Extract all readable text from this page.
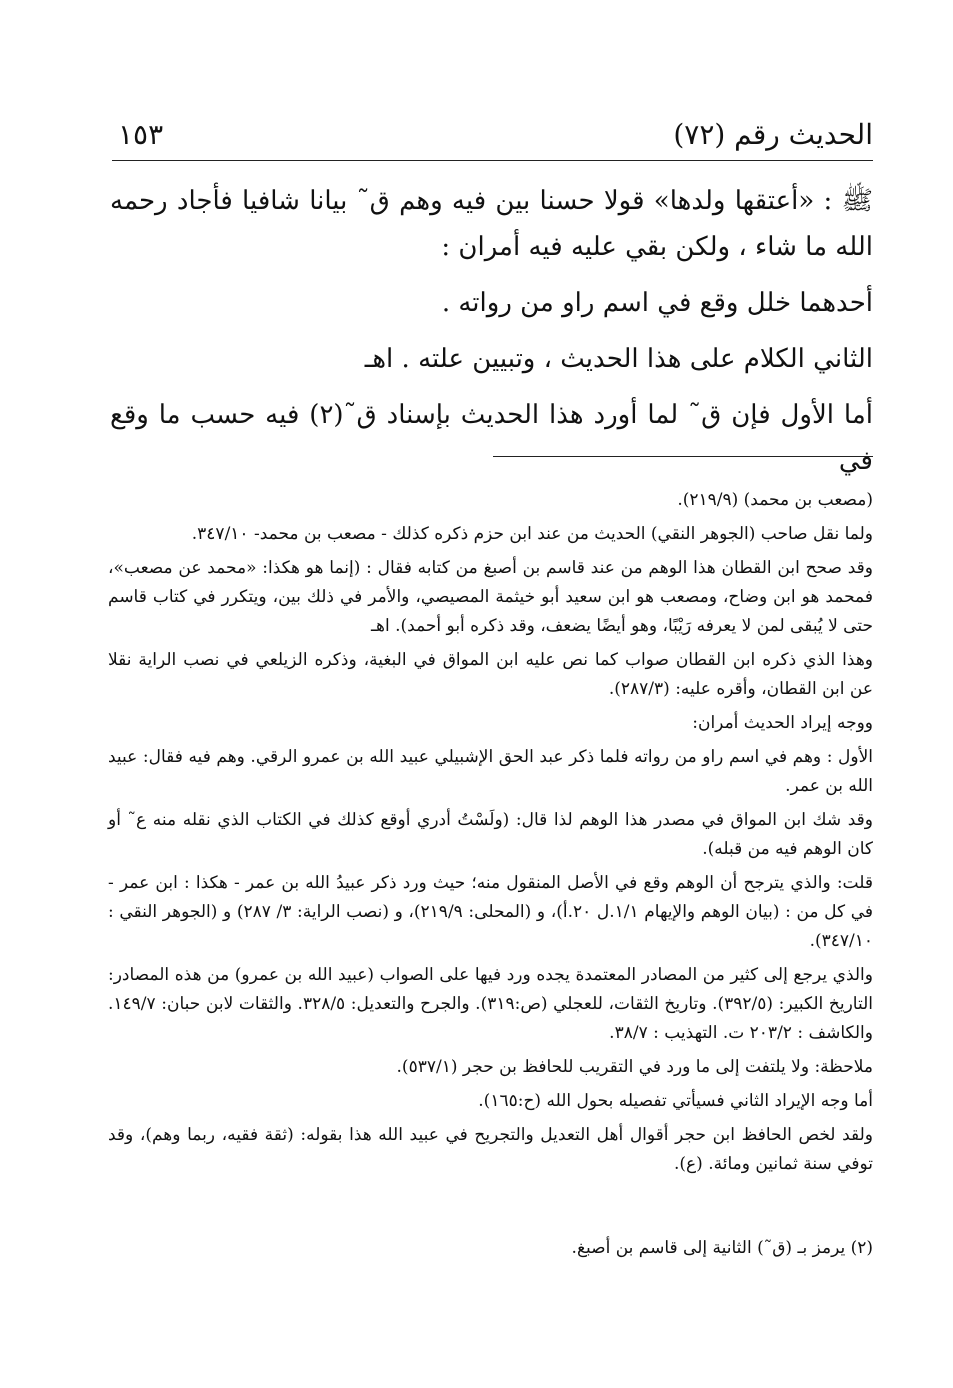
الحديث رقم (٧٢)
١٥٣

ﷺ : «أعتقها ولدها» قولا حسنا بين فيه وهم ق˜ بيانا شافيا فأجاد رحمه الله ما شاء ، ولكن بقي عليه فيه أمران :

أحدهما خلل وقع في اسم راو من رواته .

الثاني الكلام على هذا الحديث ، وتبيين علته . اهـ

أما الأول فإن ق˜ لما أورد هذا الحديث بإسناد ق˜(٢) فيه حسب ما وقع في

(مصعب بن محمد) (٢١٩/٩).

ولما نقل صاحب (الجوهر النقي) الحديث من عند ابن حزم ذكره كذلك - مصعب بن محمد- ٣٤٧/١٠.

وقد صحح ابن القطان هذا الوهم من عند قاسم بن أصبغ من كتابه فقال : (إنما هو هكذا: «محمد عن مصعب»، فمحمد هو ابن وضاح، ومصعب هو ابن سعيد أبو خيثمة المصيصي، والأمر في ذلك بين، ويتكرر في كتاب قاسم حتى لا يُبقى لمن لا يعرفه رَيْبًا، وهو أيضًا يضعف، وقد ذكره أبو أحمد). اهـ

وهذا الذي ذكره ابن القطان صواب كما نص عليه ابن المواق في البغية، وذكره الزيلعي في نصب الراية نقلا عن ابن القطان، وأقره عليه: (٢٨٧/٣).

ووجه إيراد الحديث أمران:

الأول : وهم في اسم راو من رواته فلما ذكر عبد الحق الإشبيلي عبيد الله بن عمرو الرقي. وهم فيه فقال: عبيد الله بن عمر.

وقد شك ابن المواق في مصدر هذا الوهم لذا قال: (ولَسْتُ أدري أوقع كذلك في الكتاب الذي نقله منه ع˜ أو كان الوهم فيه من قبله).

قلت: والذي يترجح أن الوهم وقع في الأصل المنقول منه؛ حيث ورد ذكر عبيدُ الله بن عمر - هكذا : ابن عمر - في كل من : (بيان الوهم والإيهام ١/١.ل ٢٠.أ)، و (المحلى: ٢١٩/٩)، و (نصب الراية: ٣/ ٢٨٧) و (الجوهر النقي : ٣٤٧/١٠).

والذي يرجع إلى كثير من المصادر المعتمدة يجده ورد فيها على الصواب (عبيد الله بن عمرو) من هذه المصادر: التاريخ الكبير: (٣٩٢/٥). وتاريخ الثقات، للعجلي (ص:٣١٩). والجرح والتعديل: ٣٢٨/٥. والثقات لابن حبان: ١٤٩/٧. والكاشف : ٢٠٣/٢ ت. التهذيب : ٣٨/٧.

ملاحظة: ولا يلتفت إلى ما ورد في التقريب للحافظ بن حجر (٥٣٧/١).

أما وجه الإيراد الثاني فسيأتي تفصيله بحول الله (ح:١٦٥).

ولقد لخص الحافظ ابن حجر أقوال أهل التعديل والتجريح في عبيد الله هذا بقوله: (ثقة فقيه، ربما وهم)، وقد توفي سنة ثمانين ومائة. (ع).

(٢) يرمز بـ (ق˜) الثانية إلى قاسم بن أصبغ.
